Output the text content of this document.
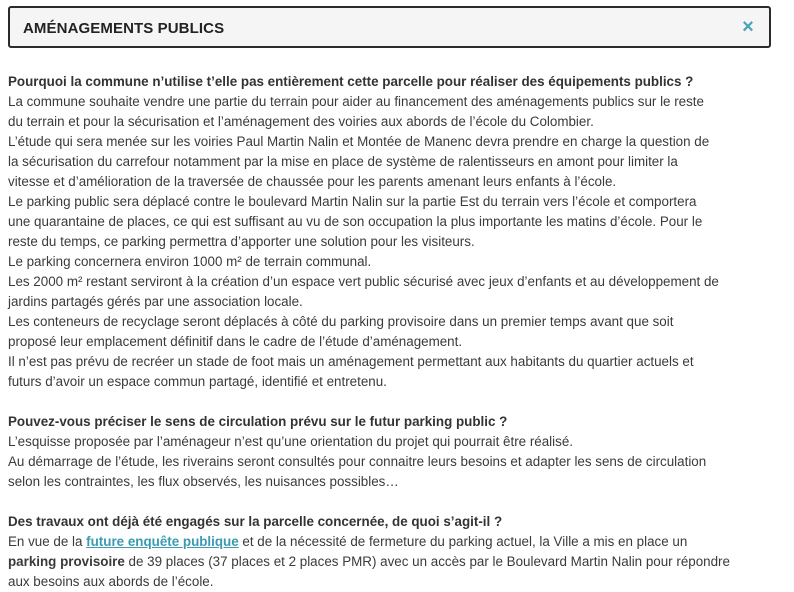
AMÉNAGEMENTS PUBLICS	×

Pourquoi la commune n’utilise t’elle pas entièrement cette parcelle pour réaliser des équipements publics ?

La commune souhaite vendre une partie du terrain pour aider au financement des aménagements publics sur le reste

du terrain et pour la sécurisation et l’aménagement des voiries aux abords de l’école du Colombier.

L’étude qui sera menée sur les voiries Paul Martin Nalin et Montée de Manenc devra prendre en charge la question de

la sécurisation du carrefour notamment par la mise en place de système de ralentisseurs en amont pour limiter la

vitesse et d’amélioration de la traversée de chaussée pour les parents amenant leurs enfants à l’école.

Le parking public sera déplacé contre le boulevard Martin Nalin sur la partie Est du terrain vers l’école et comportera

une quarantaine de places, ce qui est suffisant au vu de son occupation la plus importante les matins d’école. Pour le

reste du temps, ce parking permettra d’apporter une solution pour les visiteurs.

Le parking concernera environ 1000 m² de terrain communal.

Les 2000 m² restant serviront à la création d’un espace vert public sécurisé avec jeux d’enfants et au développement de

jardins partagés gérés par une association locale.

Les conteneurs de recyclage seront déplacés à côté du parking provisoire dans un premier temps avant que soit

proposé leur emplacement définitif dans le cadre de l’étude d’aménagement.

Il n’est pas prévu de recréer un stade de foot mais un aménagement permettant aux habitants du quartier actuels et

futurs d’avoir un espace commun partagé, identifié et entretenu.

Pouvez-vous préciser le sens de circulation prévu sur le futur parking public ?

L’esquisse proposée par l’aménageur n’est qu’une orientation du projet qui pourrait être réalisé.

Au démarrage de l’étude, les riverains seront consultés pour connaitre leurs besoins et adapter les sens de circulation

selon les contraintes, les flux observés, les nuisances possibles…

Des travaux ont déjà été engagés sur la parcelle concernée, de quoi s’agit-il ?

En vue de la future enquête publique et de la nécessité de fermeture du parking actuel, la Ville a mis en place un

parking provisoire de 39 places (37 places et 2 places PMR) avec un accès par le Boulevard Martin Nalin pour répondre

aux besoins aux abords de l’école.
